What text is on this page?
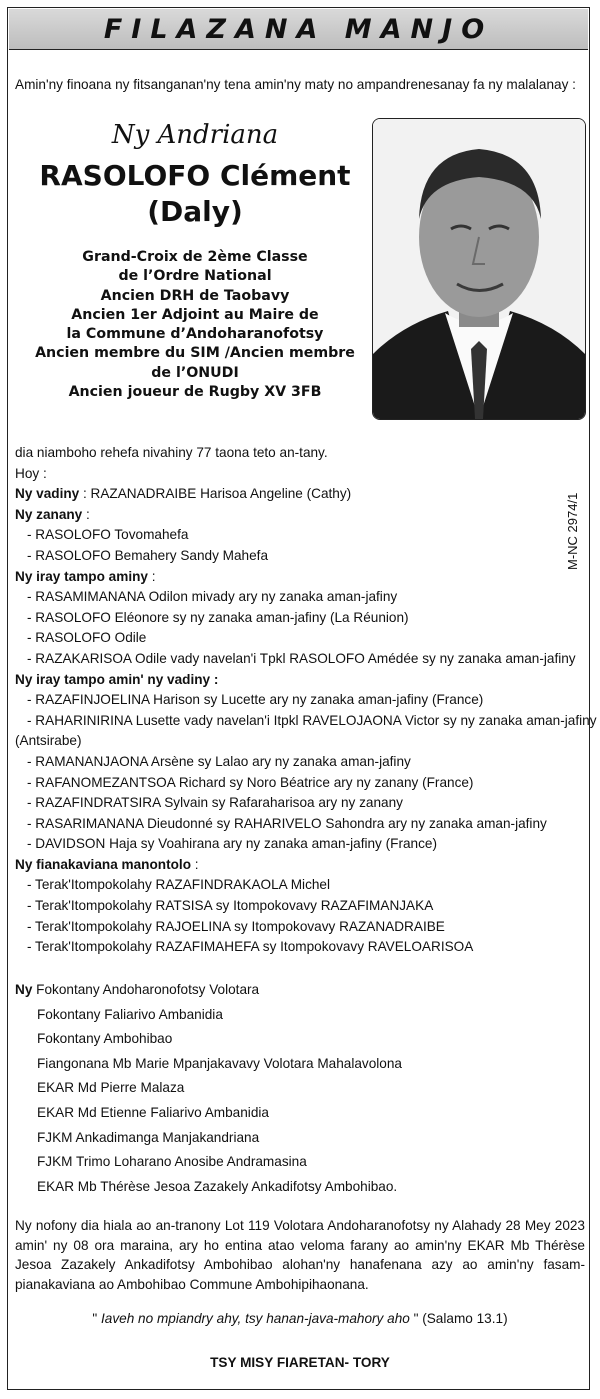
FILAZANA MANJO
Amin'ny finoana ny fitsanganan'ny tena amin'ny maty no ampandrenesanay fa ny malalanay :
Ny Andriana
RASOLOFO Clément
(Daly)
Grand-Croix de 2ème Classe
de l’Ordre National
Ancien DRH de Taobavy
Ancien 1er Adjoint au Maire de
la Commune d’Andoharanofotsy
Ancien membre du SIM /Ancien membre
de l’ONUDI
Ancien joueur de Rugby XV 3FB
M-NC 2974/1
dia niamboho rehefa nivahiny 77 taona teto an-tany.
Hoy :
Ny vadiny : RAZANADRAIBE Harisoa Angeline (Cathy)
Ny zanany :
- RASOLOFO Tovomahefa
- RASOLOFO Bemahery Sandy Mahefa
Ny iray tampo aminy :
- RASAMIMANANA Odilon mivady ary ny zanaka aman-jafiny
- RASOLOFO Eléonore sy ny zanaka aman-jafiny (La Réunion)
- RASOLOFO Odile
- RAZAKARISOA Odile vady navelan'i Tpkl RASOLOFO Amédée sy ny zanaka aman-jafiny
Ny iray tampo amin' ny vadiny :
- RAZAFINJOELINA Harison sy Lucette ary ny zanaka aman-jafiny (France)
- RAHARINIRINA Lusette vady navelan'i Itpkl RAVELOJAONA Victor sy ny zanaka aman-jafiny
(Antsirabe)
- RAMANANJAONA Arsène sy Lalao ary ny zanaka aman-jafiny
- RAFANOMEZANTSOA Richard sy Noro Béatrice ary ny zanany (France)
- RAZAFINDRATSIRA Sylvain sy Rafaraharisoa ary ny zanany
- RASARIMANANA Dieudonné sy RAHARIVELO Sahondra ary ny zanaka aman-jafiny
- DAVIDSON Haja sy Voahirana ary ny zanaka aman-jafiny (France)
Ny fianakaviana manontolo :
- Terak'Itompokolahy RAZAFINDRAKAOLA Michel
- Terak'Itompokolahy RATSISA sy Itompokovavy RAZAFIMANJAKA
- Terak'Itompokolahy RAJOELINA sy Itompokovavy RAZANADRAIBE
- Terak'Itompokolahy RAZAFIMAHEFA sy Itompokovavy RAVELOARISOA
Ny Fokontany Andoharonofotsy Volotara
Fokontany Faliarivo Ambanidia
Fokontany Ambohibao
Fiangonana Mb Marie Mpanjakavavy Volotara Mahalavolona
EKAR Md Pierre Malaza
EKAR Md Etienne Faliarivo Ambanidia
FJKM Ankadimanga Manjakandriana
FJKM Trimo Loharano Anosibe Andramasina
EKAR Mb Thérèse Jesoa Zazakely Ankadifotsy Ambohibao.
Ny nofony dia hiala ao an-tranony Lot 119 Volotara Andoharanofotsy ny Alahady 28 Mey 2023 amin' ny 08 ora maraina, ary ho entina atao veloma farany ao amin'ny EKAR Mb Thérèse Jesoa Zazakely Ankadifotsy Ambohibao alohan'ny hanafenana azy ao amin'ny fasam-pianakaviana ao Ambohibao Commune Ambohipihaonana.
" Iaveh no mpiandry ahy, tsy hanan-java-mahory aho " (Salamo 13.1)
TSY MISY FIARETAN- TORY
